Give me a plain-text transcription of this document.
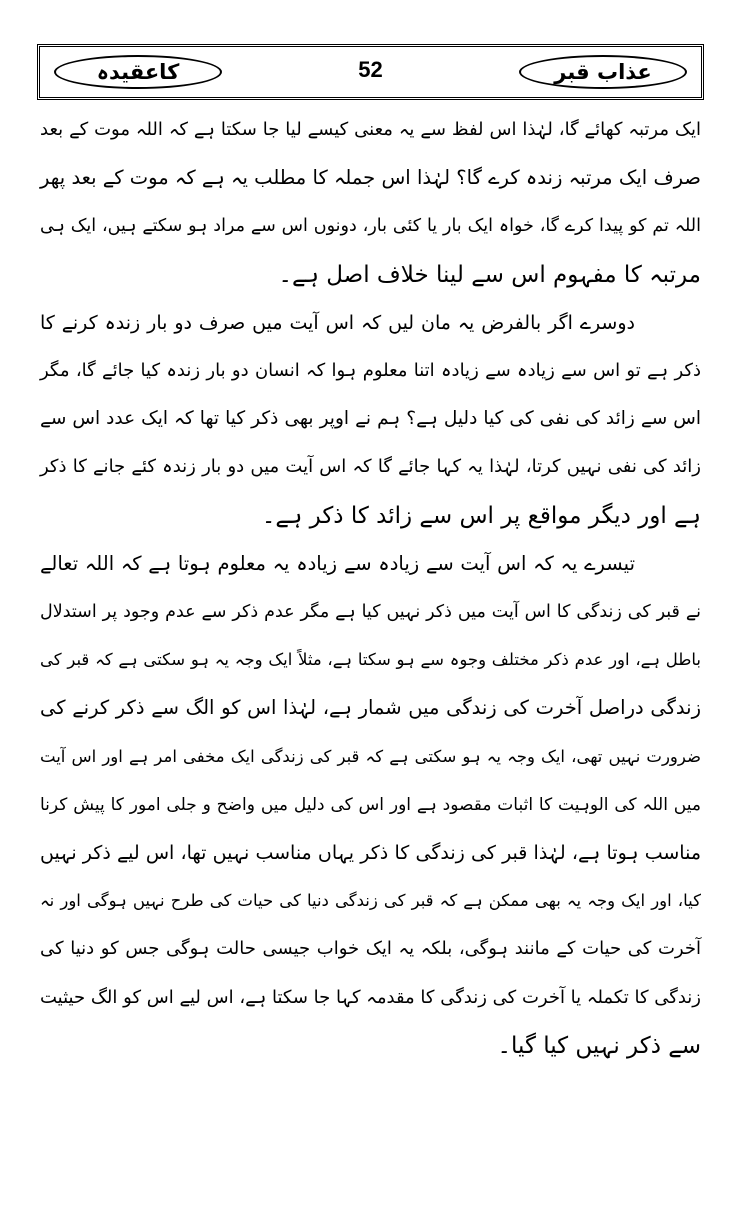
عذاب قبر
52
کاعقیدہ
ایک مرتبہ کھائے گا، لہٰذا اس لفظ سے یہ معنی کیسے لیا جا سکتا ہے کہ اللہ موت کے بعد
صرف ایک مرتبہ زندہ کرے گا؟ لہٰذا اس جملہ کا مطلب یہ ہے کہ موت کے بعد پھر
اللہ تم کو پیدا کرے گا، خواہ ایک بار یا کئی بار، دونوں اس سے مراد ہو سکتے ہیں، ایک ہی
مرتبہ کا مفہوم اس سے لینا خلاف اصل ہے۔
دوسرے اگر بالفرض یہ مان لیں کہ اس آیت میں صرف دو بار زندہ کرنے کا
ذکر ہے تو اس سے زیادہ سے زیادہ اتنا معلوم ہوا کہ انسان دو بار زندہ کیا جائے گا، مگر
اس سے زائد کی نفی کی کیا دلیل ہے؟ ہم نے اوپر بھی ذکر کیا تھا کہ ایک عدد اس سے
زائد کی نفی نہیں کرتا، لہٰذا یہ کہا جائے گا کہ اس آیت میں دو بار زندہ کئے جانے کا ذکر
ہے اور دیگر مواقع پر اس سے زائد کا ذکر ہے۔
تیسرے یہ کہ اس آیت سے زیادہ سے زیادہ یہ معلوم ہوتا ہے کہ اللہ تعالے
نے قبر کی زندگی کا اس آیت میں ذکر نہیں کیا ہے مگر عدم ذکر سے عدم وجود پر استدلال
باطل ہے، اور عدم ذکر مختلف وجوہ سے ہو سکتا ہے، مثلاً ایک وجہ یہ ہو سکتی ہے کہ قبر کی
زندگی دراصل آخرت کی زندگی میں شمار ہے، لہٰذا اس کو الگ سے ذکر کرنے کی
ضرورت نہیں تھی، ایک وجہ یہ ہو سکتی ہے کہ قبر کی زندگی ایک مخفی امر ہے اور اس آیت
میں اللہ کی الوہیت کا اثبات مقصود ہے اور اس کی دلیل میں واضح و جلی امور کا پیش کرنا
مناسب ہوتا ہے، لہٰذا قبر کی زندگی کا ذکر یہاں مناسب نہیں تھا، اس لیے ذکر نہیں
کیا، اور ایک وجہ یہ بھی ممکن ہے کہ قبر کی زندگی دنیا کی حیات کی طرح نہیں ہوگی اور نہ
آخرت کی حیات کے مانند ہوگی، بلکہ یہ ایک خواب جیسی حالت ہوگی جس کو دنیا کی
زندگی کا تکملہ یا آخرت کی زندگی کا مقدمہ کہا جا سکتا ہے، اس لیے اس کو الگ حیثیت
سے ذکر نہیں کیا گیا۔
